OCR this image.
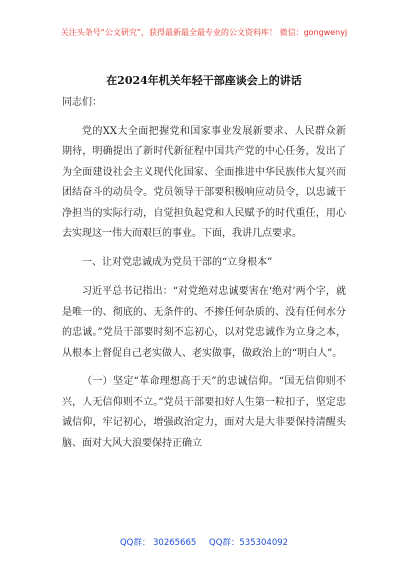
关注头条号“公文研究”，获得最新最全最专业的公文资料库！ 微信：gongwenyj
在2024年机关年轻干部座谈会上的讲话

同志们：

党的XX大全面把握党和国家事业发展新要求、人民群众新期待，明确提出了新时代新征程中国共产党的中心任务，发出了为全面建设社会主义现代化国家、全面推进中华民族伟大复兴而团结奋斗的动员令。党员领导干部要积极响应动员令，以忠诚干净担当的实际行动，自觉担负起党和人民赋予的时代重任，用心去实现这一伟大而艰巨的事业。下面，我讲几点要求。

一、让对党忠诚成为党员干部的“立身根本”

习近平总书记指出：“对党绝对忠诚要害在‘绝对’两个字，就是唯一的、彻底的、无条件的、不掺任何杂质的、没有任何水分的忠诚。”党员干部要时刻不忘初心，以对党忠诚作为立身之本，从根本上督促自己老实做人、老实做事，做政治上的“明白人”。

（一）坚定“革命理想高于天”的忠诚信仰。“国无信仰则不兴，人无信仰则不立。”党员干部要扣好人生第一粒扣子，坚定忠诚信仰，牢记初心，增强政治定力，面对大是大非要保持清醒头脑、面对大风大浪要保持正确立

QQ群： 30265665 QQ群：535304092
